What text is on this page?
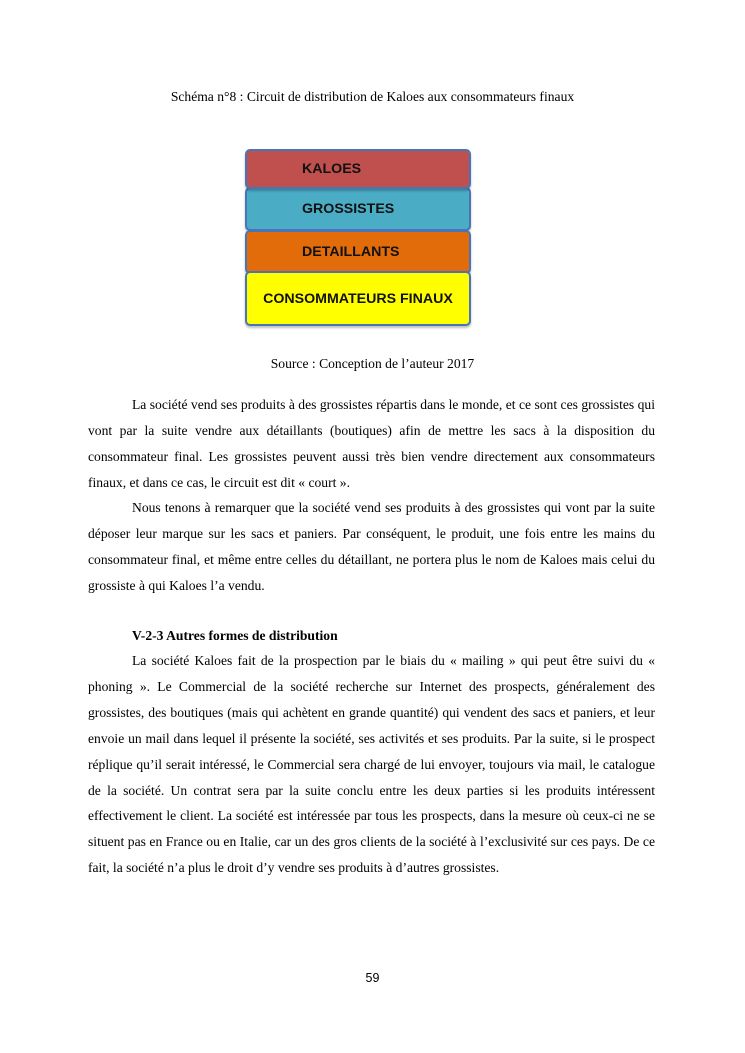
Schéma n°8 : Circuit de distribution de Kaloes aux consommateurs finaux
GROSSISTES
KALOES
DETAILLANTS
CONSOMMATEURS FINAUX
Source : Conception de l’auteur 2017

La société vend ses produits à des grossistes répartis dans le monde, et ce sont ces grossistes qui vont par la suite vendre aux détaillants (boutiques) afin de mettre les sacs à la disposition du consommateur final. Les grossistes peuvent aussi très bien vendre directement aux consommateurs finaux, et dans ce cas, le circuit est dit « court ».

Nous tenons à remarquer que la société vend ses produits à des grossistes qui vont par la suite déposer leur marque sur les sacs et paniers. Par conséquent, le produit, une fois entre les mains du consommateur final, et même entre celles du détaillant, ne portera plus le nom de Kaloes mais celui du grossiste à qui Kaloes l’a vendu.

V-2-3 Autres formes de distribution

La société Kaloes fait de la prospection par le biais du « mailing » qui peut être suivi du « phoning ». Le Commercial de la société recherche sur Internet des prospects, généralement des grossistes, des boutiques (mais qui achètent en grande quantité) qui vendent des sacs et paniers, et leur envoie un mail dans lequel il présente la société, ses activités et ses produits. Par la suite, si le prospect réplique qu’il serait intéressé, le Commercial sera chargé de lui envoyer, toujours via mail, le catalogue de la société. Un contrat sera par la suite conclu entre les deux parties si les produits intéressent effectivement le client. La société est intéressée par tous les prospects, dans la mesure où ceux-ci ne se situent pas en France ou en Italie, car un des gros clients de la société à l’exclusivité sur ces pays. De ce fait, la société n’a plus le droit d’y vendre ses produits à d’autres grossistes.

59
